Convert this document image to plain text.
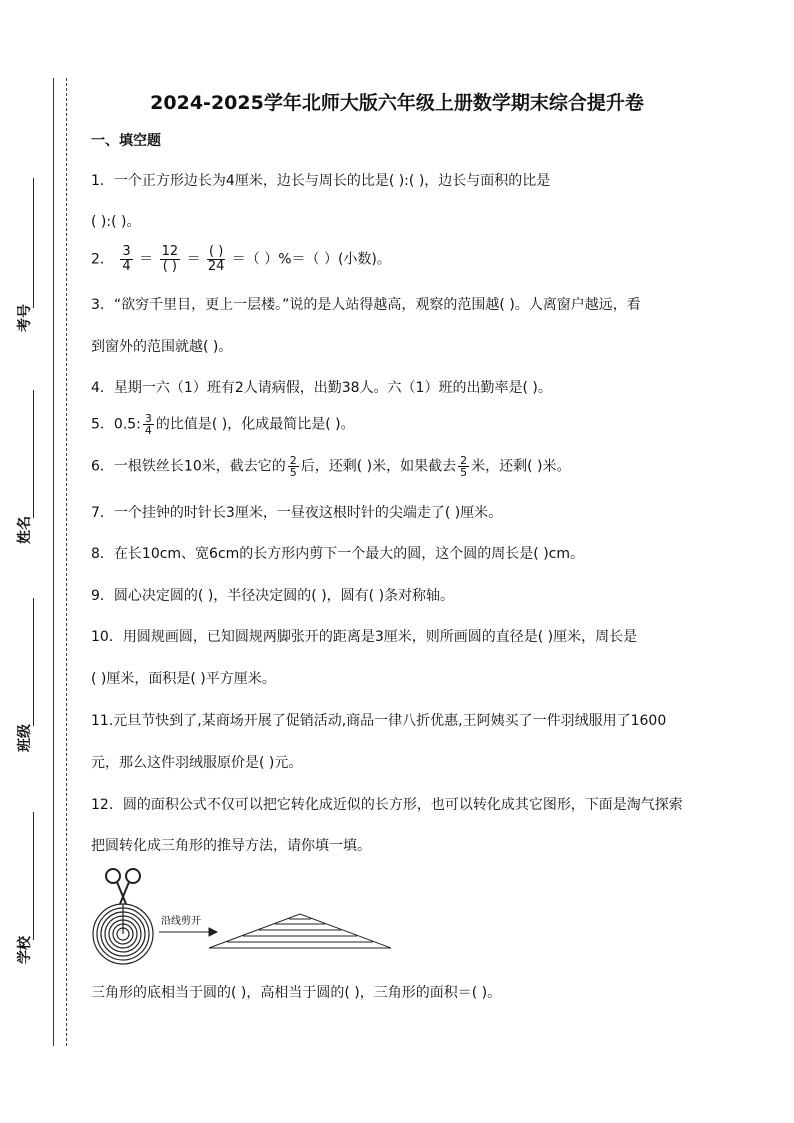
考号
姓名
班级
学校
2024-2025学年北师大版六年级上册数学期末综合提升卷
一、填空题
1．一个正方形边长为4厘米，边长与周长的比是( ):( )，边长与面积的比是
( ):( )。
2． $\frac{3}{4} = \frac{12}{( )} = \frac{( )}{24}$ ＝（ ）%＝（ ）(小数)。
3．“欲穷千里目，更上一层楼。”说的是人站得越高，观察的范围越( )。人离窗户越远，看
到窗外的范围就越( )。
4．星期一六（1）班有2人请病假，出勤38人。六（1）班的出勤率是( )。
5．0.5: $\frac{3}{4}$ 的比值是( )，化成最简比是( )。
6．一根铁丝长10米，截去它的 $\frac{2}{5}$ 后，还剩( )米，如果截去 $\frac{2}{5}$ 米，还剩( )米。
7．一个挂钟的时针长3厘米，一昼夜这根时针的尖端走了( )厘米。
8．在长10cm、宽6cm的长方形内剪下一个最大的圆，这个圆的周长是( )cm。
9．圆心决定圆的( )，半径决定圆的( )，圆有( )条对称轴。
10．用圆规画圆，已知圆规两脚张开的距离是3厘米，则所画圆的直径是( )厘米，周长是
( )厘米，面积是( )平方厘米。
11.元旦节快到了,某商场开展了促销活动,商品一律八折优惠,王阿姨买了一件羽绒服用了1600
元，那么这件羽绒服原价是( )元。
12．圆的面积公式不仅可以把它转化成近似的长方形，也可以转化成其它图形，下面是淘气探索
把圆转化成三角形的推导方法，请你填一填。
沿线剪开
三角形的底相当于圆的( )，高相当于圆的( )，三角形的面积＝( )。
